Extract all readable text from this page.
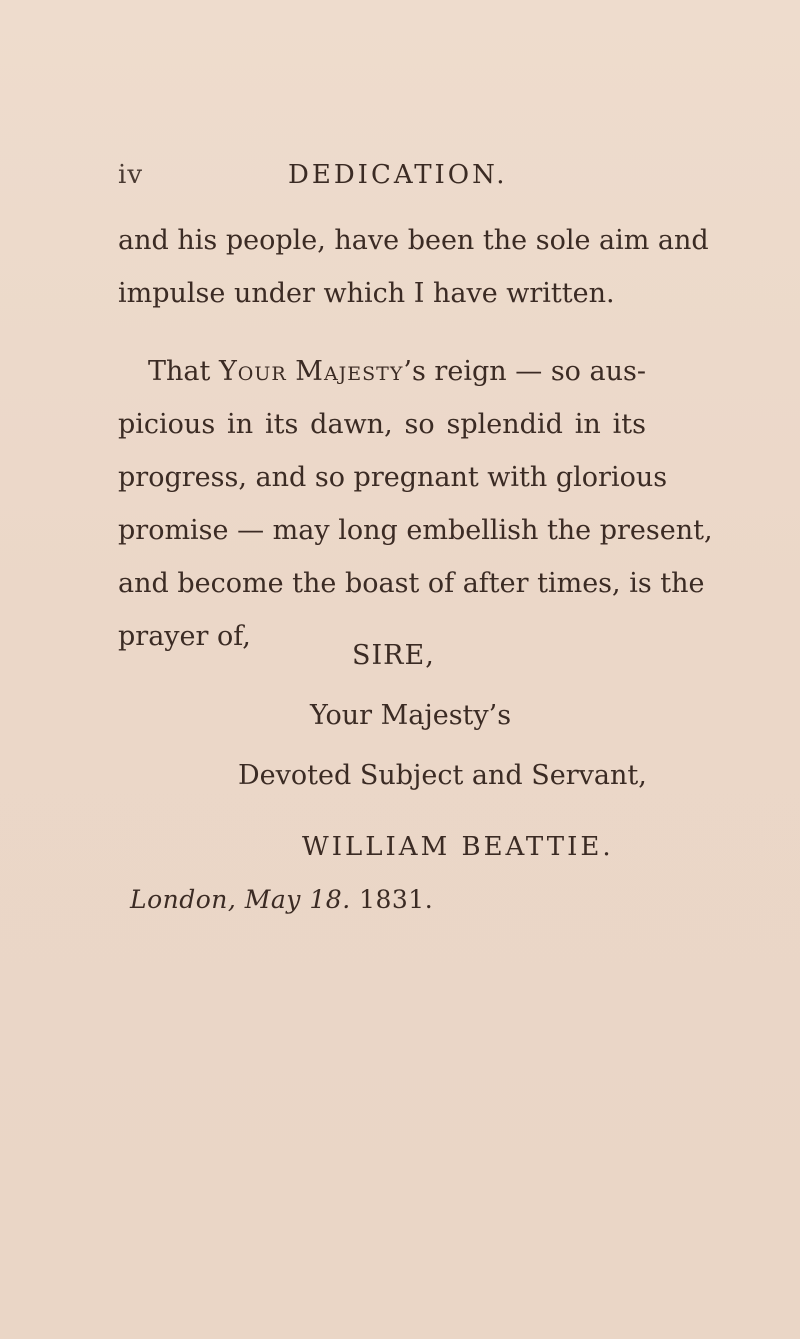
iv	DEDICATION.
and his people, have been the sole aim and
impulse under which I have written.
That Your Majesty’s reign — so aus-
picious in its dawn, so splendid in its
progress, and so pregnant with glorious
promise — may long embellish the present,
and become the boast of after times, is the
prayer of,
SIRE,
Your Majesty’s
Devoted Subject and Servant,
WILLIAM BEATTIE.
London, May 18. 1831.
